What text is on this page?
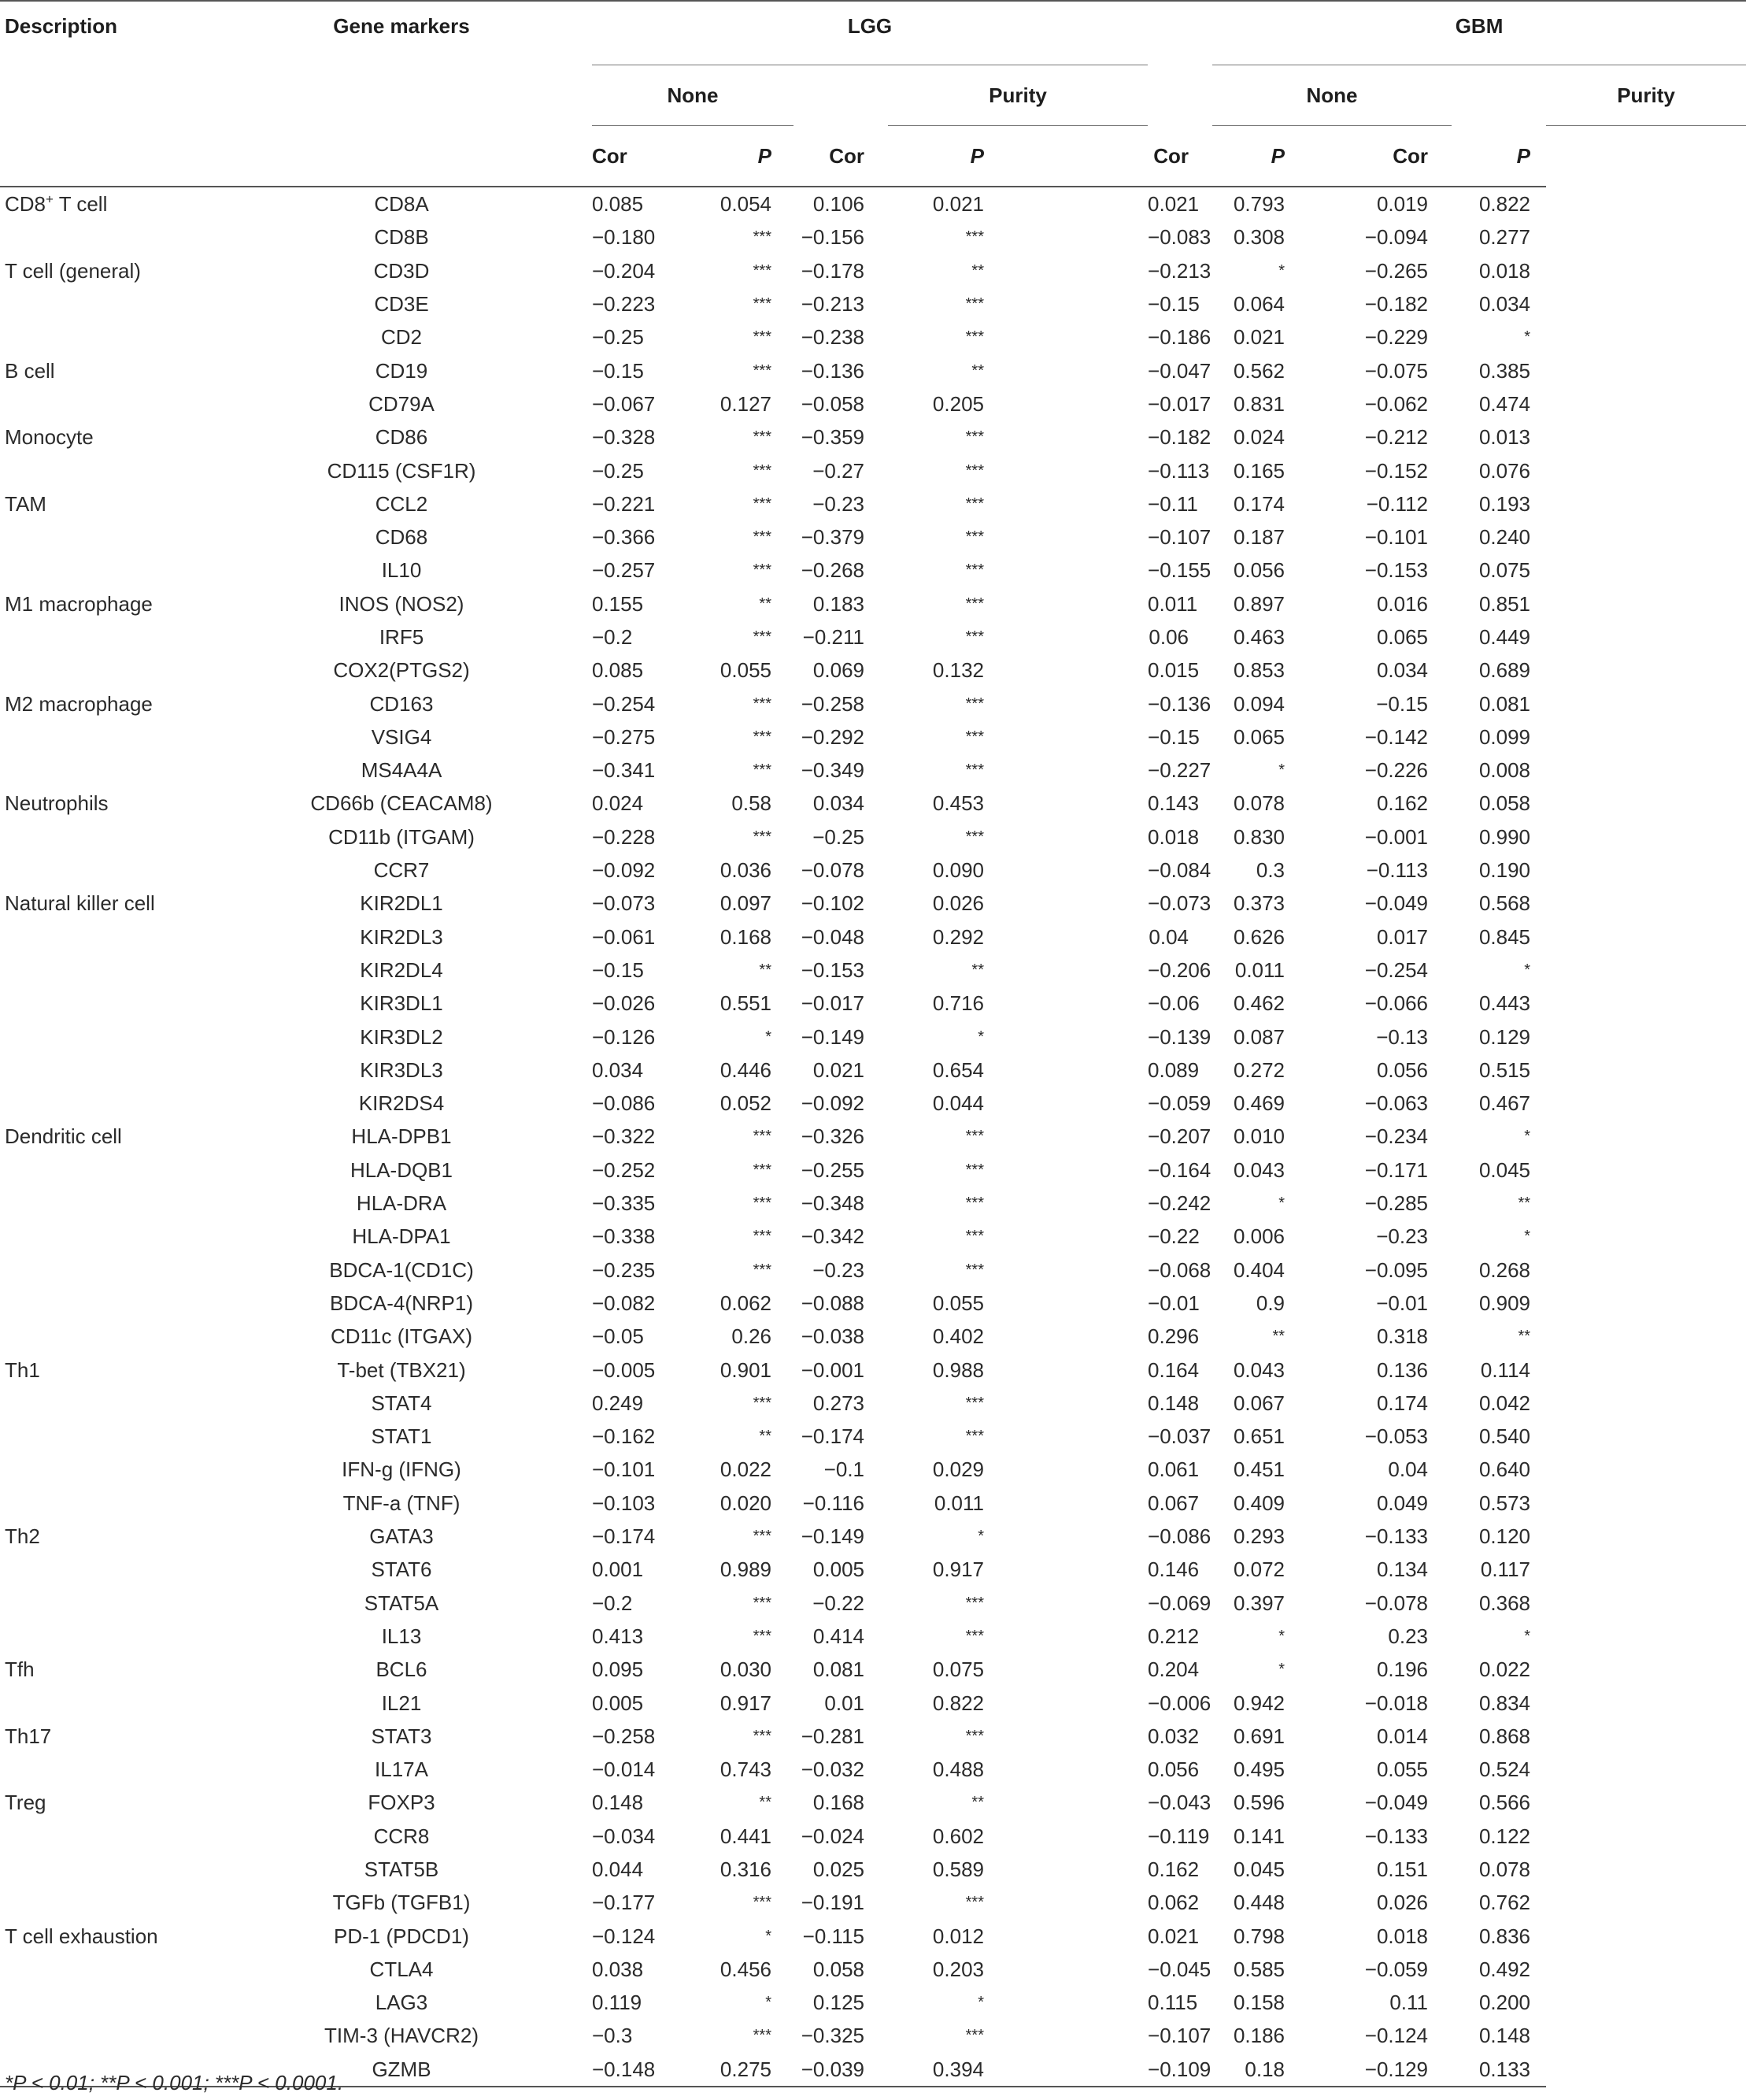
Description	Gene markers		LGG						GBM			
			None			Purity			None			Purity
			Cor	P	Cor	P		Cor	P	Cor	P	
CD8+ T cell	CD8A		0.085	0.054	0.106	0.021		0.021	0.793	0.019	0.822	
	CD8B		−0.180	***	−0.156	***		−0.083	0.308	−0.094	0.277	
T cell (general)	CD3D		−0.204	***	−0.178	**		−0.213	*	−0.265	0.018	
	CD3E		−0.223	***	−0.213	***		−0.15	0.064	−0.182	0.034	
	CD2		−0.25	***	−0.238	***		−0.186	0.021	−0.229	*	
B cell	CD19		−0.15	***	−0.136	**		−0.047	0.562	−0.075	0.385	
	CD79A		−0.067	0.127	−0.058	0.205		−0.017	0.831	−0.062	0.474	
Monocyte	CD86		−0.328	***	−0.359	***		−0.182	0.024	−0.212	0.013	
	CD115 (CSF1R)		−0.25	***	−0.27	***		−0.113	0.165	−0.152	0.076	
TAM	CCL2		−0.221	***	−0.23	***		−0.11	0.174	−0.112	0.193	
	CD68		−0.366	***	−0.379	***		−0.107	0.187	−0.101	0.240	
	IL10		−0.257	***	−0.268	***		−0.155	0.056	−0.153	0.075	
M1 macrophage	INOS (NOS2)		0.155	**	0.183	***		0.011	0.897	0.016	0.851	
	IRF5		−0.2	***	−0.211	***		0.06	0.463	0.065	0.449	
	COX2(PTGS2)		0.085	0.055	0.069	0.132		0.015	0.853	0.034	0.689	
M2 macrophage	CD163		−0.254	***	−0.258	***		−0.136	0.094	−0.15	0.081	
	VSIG4		−0.275	***	−0.292	***		−0.15	0.065	−0.142	0.099	
	MS4A4A		−0.341	***	−0.349	***		−0.227	*	−0.226	0.008	
Neutrophils	CD66b (CEACAM8)		0.024	0.58	0.034	0.453		0.143	0.078	0.162	0.058	
	CD11b (ITGAM)		−0.228	***	−0.25	***		0.018	0.830	−0.001	0.990	
	CCR7		−0.092	0.036	−0.078	0.090		−0.084	0.3	−0.113	0.190	
Natural killer cell	KIR2DL1		−0.073	0.097	−0.102	0.026		−0.073	0.373	−0.049	0.568	
	KIR2DL3		−0.061	0.168	−0.048	0.292		0.04	0.626	0.017	0.845	
	KIR2DL4		−0.15	**	−0.153	**		−0.206	0.011	−0.254	*	
	KIR3DL1		−0.026	0.551	−0.017	0.716		−0.06	0.462	−0.066	0.443	
	KIR3DL2		−0.126	*	−0.149	*		−0.139	0.087	−0.13	0.129	
	KIR3DL3		0.034	0.446	0.021	0.654		0.089	0.272	0.056	0.515	
	KIR2DS4		−0.086	0.052	−0.092	0.044		−0.059	0.469	−0.063	0.467	
Dendritic cell	HLA-DPB1		−0.322	***	−0.326	***		−0.207	0.010	−0.234	*	
	HLA-DQB1		−0.252	***	−0.255	***		−0.164	0.043	−0.171	0.045	
	HLA-DRA		−0.335	***	−0.348	***		−0.242	*	−0.285	**	
	HLA-DPA1		−0.338	***	−0.342	***		−0.22	0.006	−0.23	*	
	BDCA-1(CD1C)		−0.235	***	−0.23	***		−0.068	0.404	−0.095	0.268	
	BDCA-4(NRP1)		−0.082	0.062	−0.088	0.055		−0.01	0.9	−0.01	0.909	
	CD11c (ITGAX)		−0.05	0.26	−0.038	0.402		0.296	**	0.318	**	
Th1	T-bet (TBX21)		−0.005	0.901	−0.001	0.988		0.164	0.043	0.136	0.114	
	STAT4		0.249	***	0.273	***		0.148	0.067	0.174	0.042	
	STAT1		−0.162	**	−0.174	***		−0.037	0.651	−0.053	0.540	
	IFN-g (IFNG)		−0.101	0.022	−0.1	0.029		0.061	0.451	0.04	0.640	
	TNF-a (TNF)		−0.103	0.020	−0.116	0.011		0.067	0.409	0.049	0.573	
Th2	GATA3		−0.174	***	−0.149	*		−0.086	0.293	−0.133	0.120	
	STAT6		0.001	0.989	0.005	0.917		0.146	0.072	0.134	0.117	
	STAT5A		−0.2	***	−0.22	***		−0.069	0.397	−0.078	0.368	
	IL13		0.413	***	0.414	***		0.212	*	0.23	*	
Tfh	BCL6		0.095	0.030	0.081	0.075		0.204	*	0.196	0.022	
	IL21		0.005	0.917	0.01	0.822		−0.006	0.942	−0.018	0.834	
Th17	STAT3		−0.258	***	−0.281	***		0.032	0.691	0.014	0.868	
	IL17A		−0.014	0.743	−0.032	0.488		0.056	0.495	0.055	0.524	
Treg	FOXP3		0.148	**	0.168	**		−0.043	0.596	−0.049	0.566	
	CCR8		−0.034	0.441	−0.024	0.602		−0.119	0.141	−0.133	0.122	
	STAT5B		0.044	0.316	0.025	0.589		0.162	0.045	0.151	0.078	
	TGFb (TGFB1)		−0.177	***	−0.191	***		0.062	0.448	0.026	0.762	
T cell exhaustion	PD-1 (PDCD1)		−0.124	*	−0.115	0.012		0.021	0.798	0.018	0.836	
	CTLA4		0.038	0.456	0.058	0.203		−0.045	0.585	−0.059	0.492	
	LAG3		0.119	*	0.125	*		0.115	0.158	0.11	0.200	
	TIM-3 (HAVCR2)		−0.3	***	−0.325	***		−0.107	0.186	−0.124	0.148	
	GZMB		−0.148	0.275	−0.039	0.394		−0.109	0.18	−0.129	0.133	
*P < 0.01; **P < 0.001; ***P < 0.0001.
